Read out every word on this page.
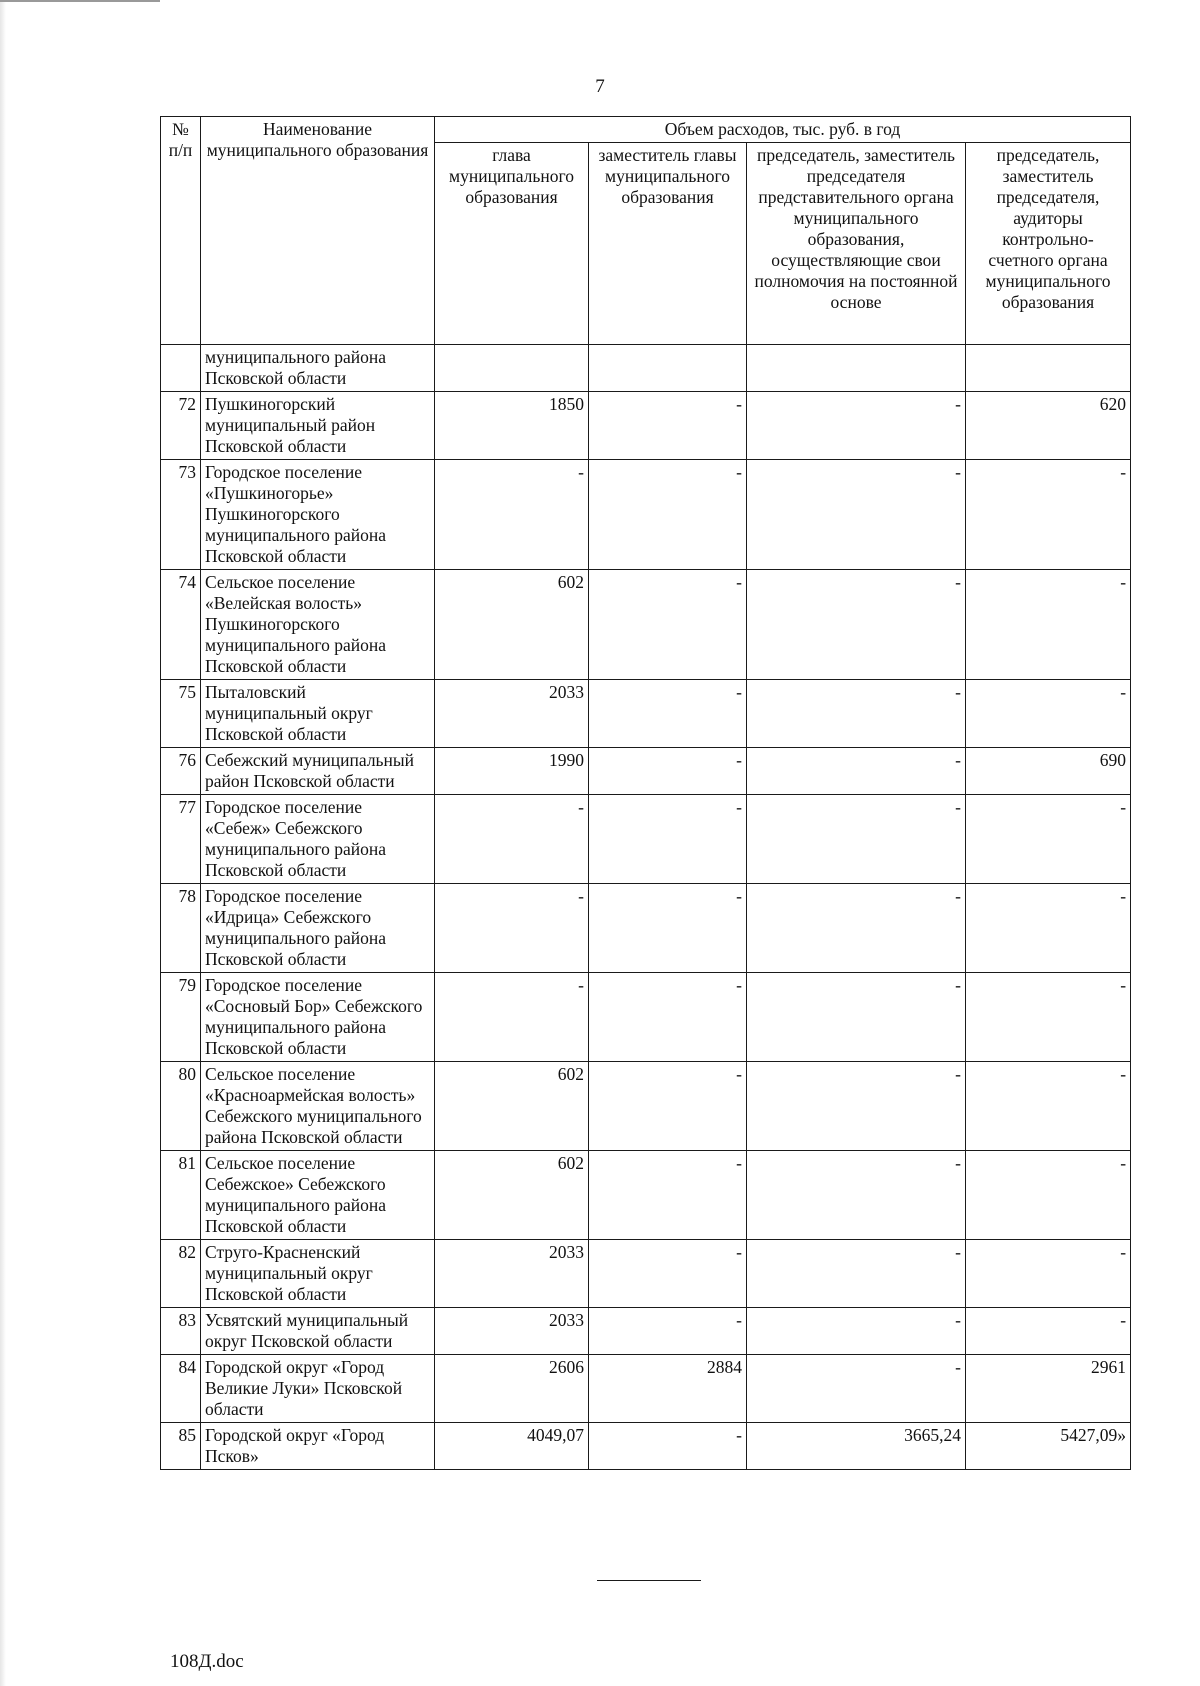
7
№ п/п	Наименование муниципального образования	Объем расходов, тыс. руб. в год			
		глава муниципального образования	заместитель главы муниципального образования	председатель, заместитель председателя представительного органа муниципального образования, осуществляющие свои полномочия на постоянной основе	председатель, заместитель председателя, аудиторы контрольно-счетного органа муниципального образования
	муниципального района Псковской области				
72	Пушкиногорский муниципальный район Псковской области	1850	-	-	620
73	Городское поселение «Пушкиногорье» Пушкиногорского муниципального района Псковской области	-	-	-	-
74	Сельское поселение «Велейская волость» Пушкиногорского муниципального района Псковской области	602	-	-	-
75	Пыталовский муниципальный округ Псковской области	2033	-	-	-
76	Себежский муниципальный район Псковской области	1990	-	-	690
77	Городское поселение «Себеж» Себежского муниципального района Псковской области	-	-	-	-
78	Городское поселение «Идрица» Себежского муниципального района Псковской области	-	-	-	-
79	Городское поселение «Сосновый Бор» Себежского муниципального района Псковской области	-	-	-	-
80	Сельское поселение «Красноармейская волость» Себежского муниципального района Псковской области	602	-	-	-
81	Сельское поселение Себежское» Себежского муниципального района Псковской области	602	-	-	-
82	Струго-Красненский муниципальный округ Псковской области	2033	-	-	-
83	Усвятский муниципальный округ Псковской области	2033	-	-	-
84	Городской округ «Город Великие Луки» Псковской области	2606	2884	-	2961
85	Городской округ «Город Псков»	4049,07	-	3665,24	5427,09»
108Д.doc
